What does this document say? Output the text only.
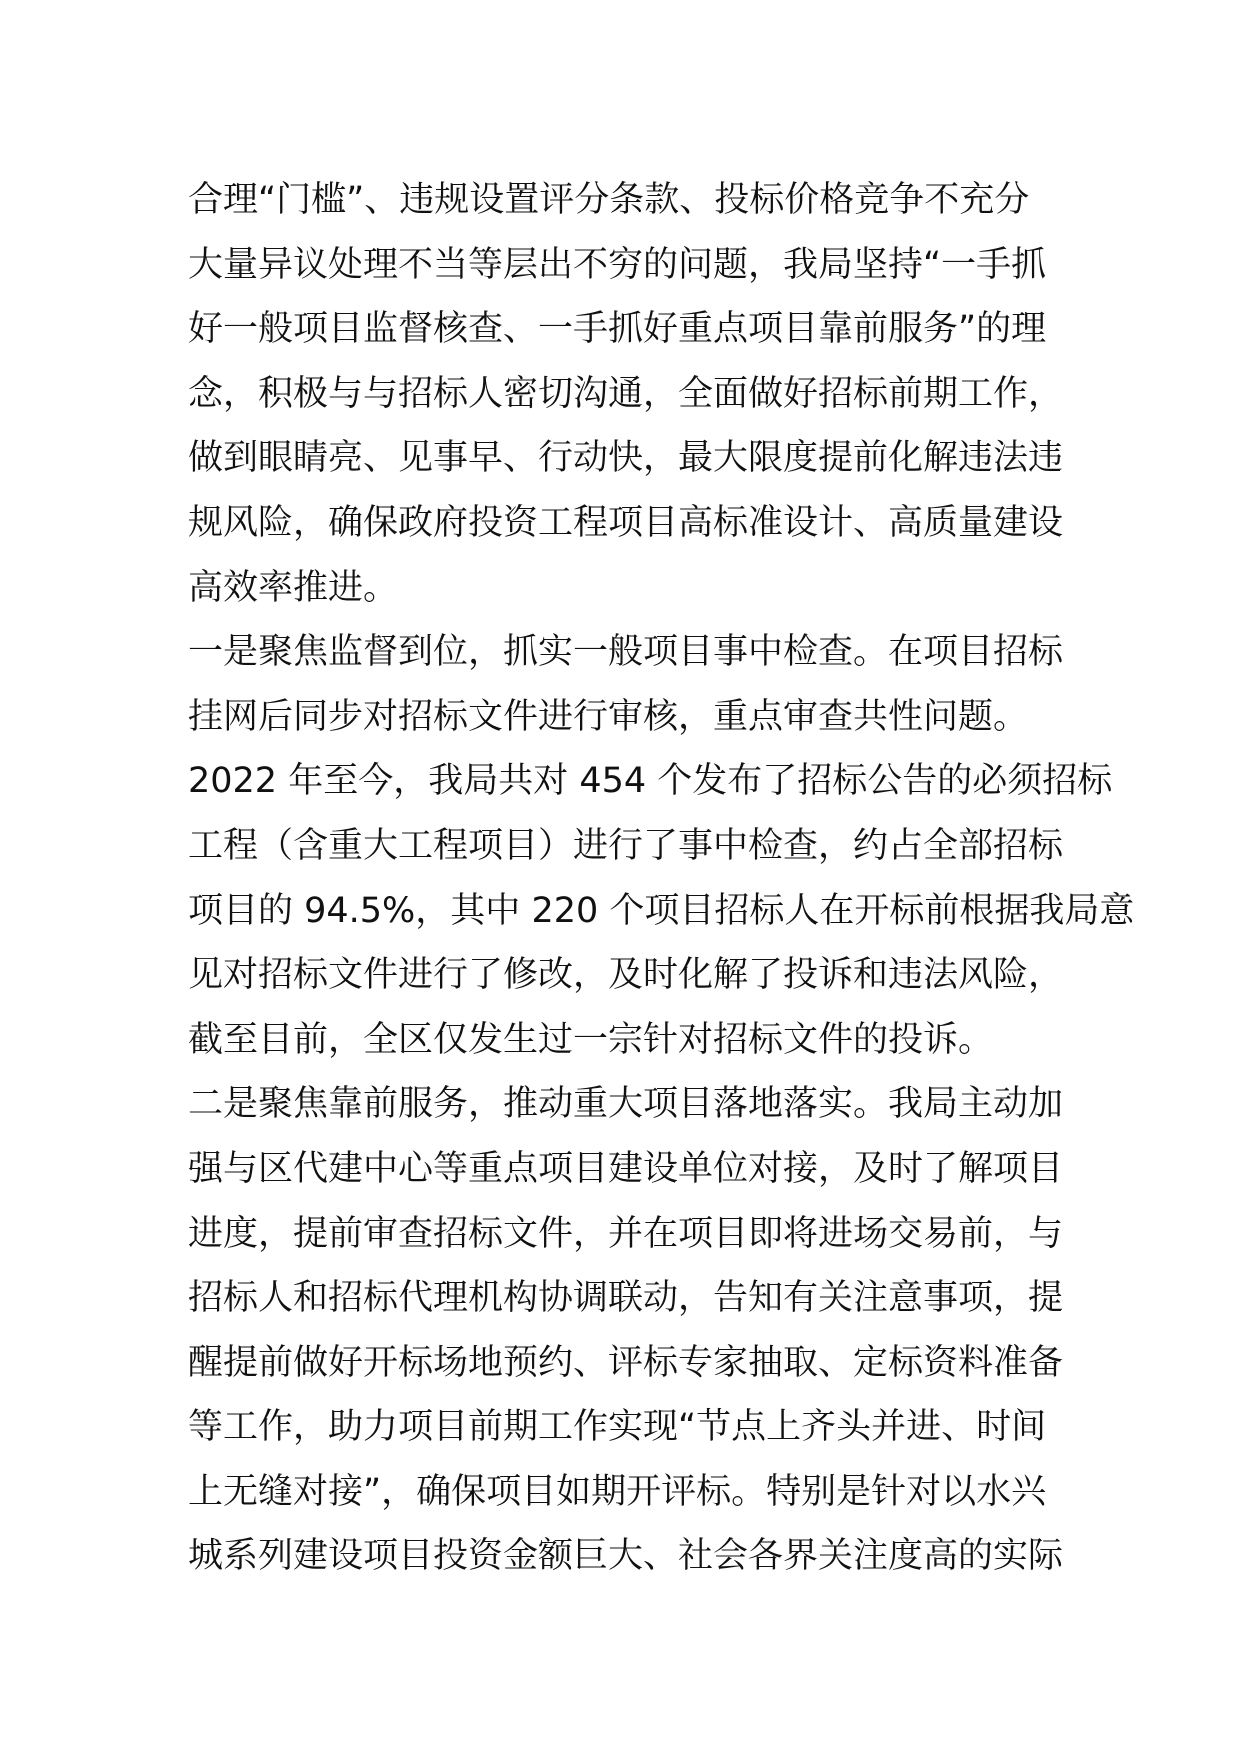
合理“门槛”、违规设置评分条款、投标价格竞争不充分
大量异议处理不当等层出不穷的问题，我局坚持“一手抓
好一般项目监督核查、一手抓好重点项目靠前服务”的理
念，积极与与招标人密切沟通，全面做好招标前期工作，
做到眼睛亮、见事早、行动快，最大限度提前化解违法违
规风险，确保政府投资工程项目高标准设计、高质量建设
高效率推进。
一是聚焦监督到位，抓实一般项目事中检查。在项目招标
挂网后同步对招标文件进行审核，重点审查共性问题。
2022 年至今，我局共对 454 个发布了招标公告的必须招标
工程（含重大工程项目）进行了事中检查，约占全部招标
项目的 94.5%，其中 220 个项目招标人在开标前根据我局意
见对招标文件进行了修改，及时化解了投诉和违法风险，
截至目前，全区仅发生过一宗针对招标文件的投诉。
二是聚焦靠前服务，推动重大项目落地落实。我局主动加
强与区代建中心等重点项目建设单位对接，及时了解项目
进度，提前审查招标文件，并在项目即将进场交易前，与
招标人和招标代理机构协调联动，告知有关注意事项，提
醒提前做好开标场地预约、评标专家抽取、定标资料准备
等工作，助力项目前期工作实现“节点上齐头并进、时间
上无缝对接”，确保项目如期开评标。特别是针对以水兴
城系列建设项目投资金额巨大、社会各界关注度高的实际
